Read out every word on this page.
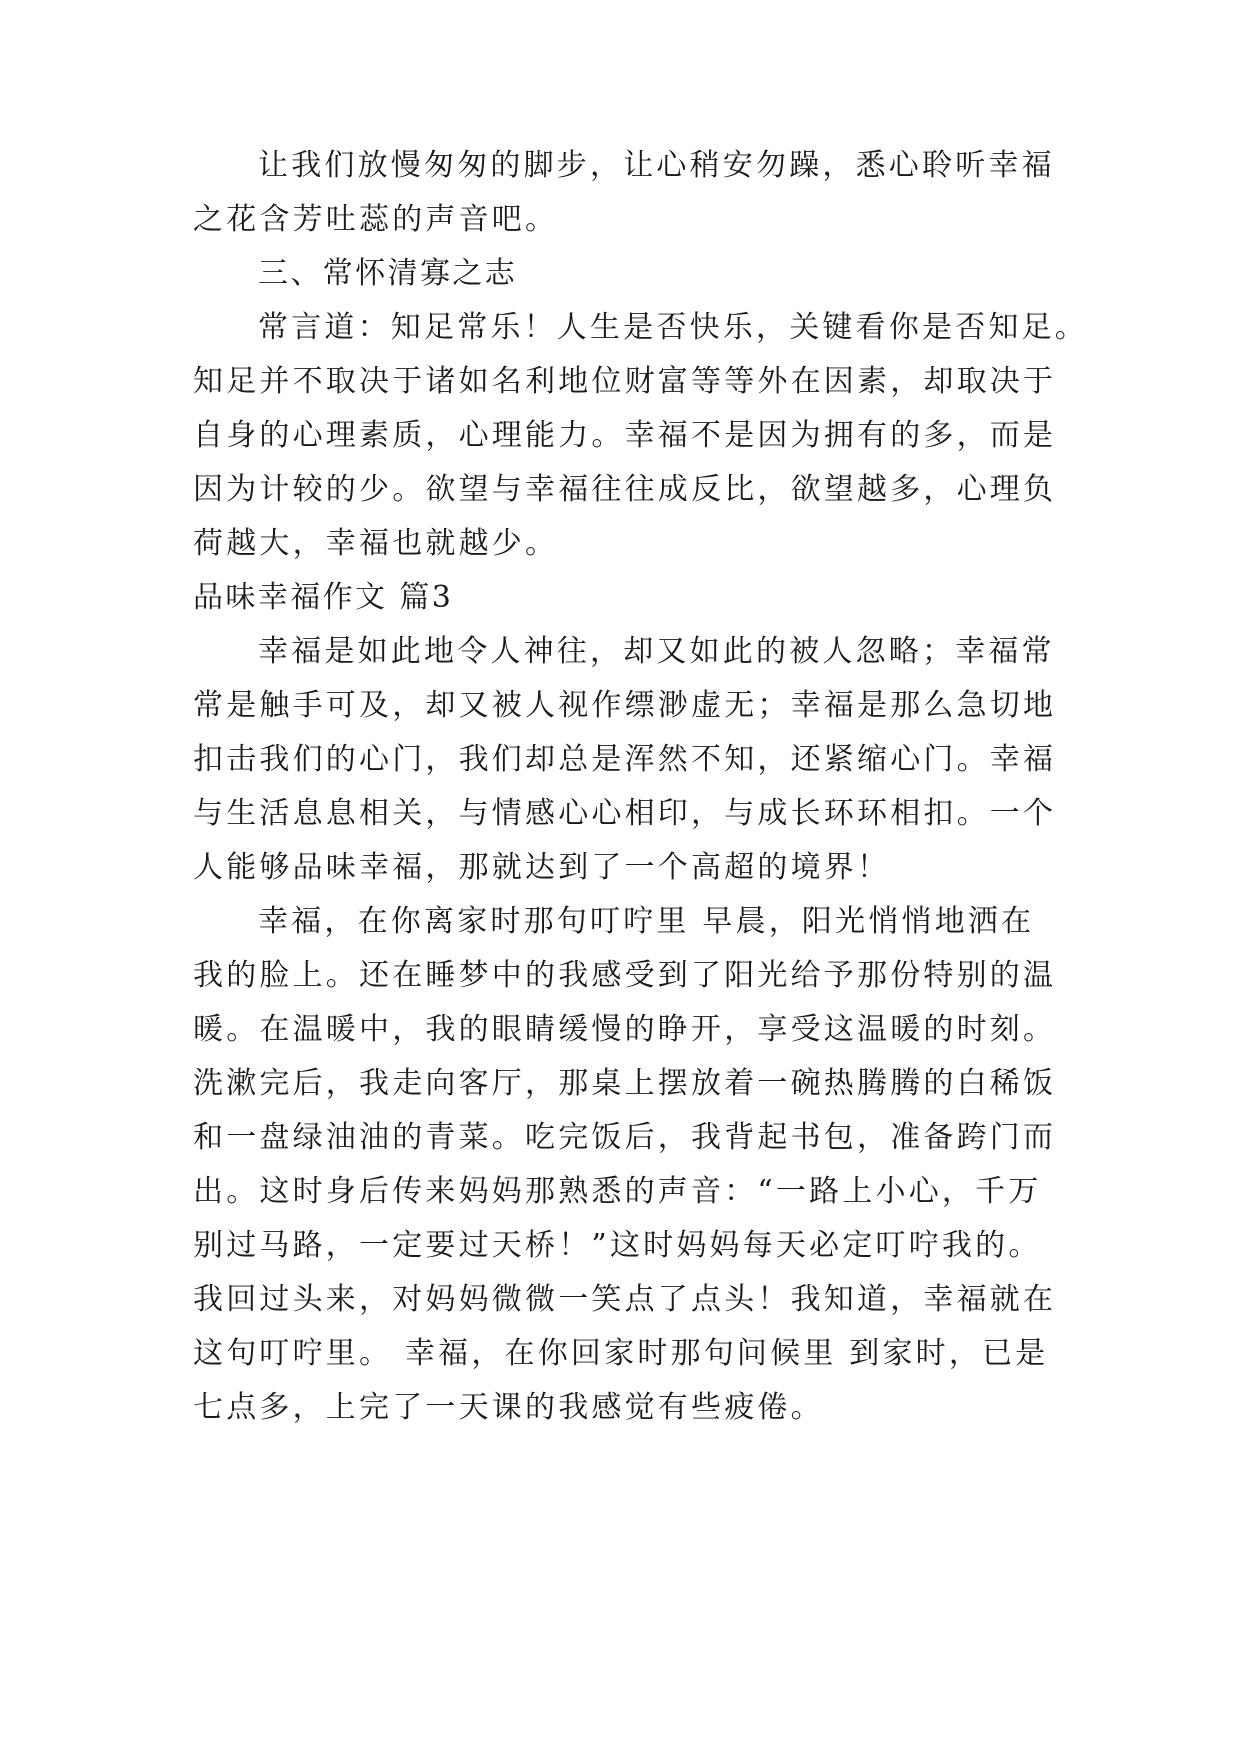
让我们放慢匆匆的脚步，让心稍安勿躁，悉心聆听幸福
之花含芳吐蕊的声音吧。
三、常怀清寡之志
常言道：知足常乐！人生是否快乐，关键看你是否知足。
知足并不取决于诸如名利地位财富等等外在因素，却取决于
自身的心理素质，心理能力。幸福不是因为拥有的多，而是
因为计较的少。欲望与幸福往往成反比，欲望越多，心理负
荷越大，幸福也就越少。
品味幸福作文 篇3
幸福是如此地令人神往，却又如此的被人忽略；幸福常
常是触手可及，却又被人视作缥渺虚无；幸福是那么急切地
扣击我们的心门，我们却总是浑然不知，还紧缩心门。幸福
与生活息息相关，与情感心心相印，与成长环环相扣。一个
人能够品味幸福，那就达到了一个高超的境界！
幸福，在你离家时那句叮咛里 早晨，阳光悄悄地洒在
我的脸上。还在睡梦中的我感受到了阳光给予那份特别的温
暖。在温暖中，我的眼睛缓慢的睁开，享受这温暖的时刻。
洗漱完后，我走向客厅，那桌上摆放着一碗热腾腾的白稀饭
和一盘绿油油的青菜。吃完饭后，我背起书包，准备跨门而
出。这时身后传来妈妈那熟悉的声音：“一路上小心，千万
别过马路，一定要过天桥！”这时妈妈每天必定叮咛我的。
我回过头来，对妈妈微微一笑点了点头！我知道，幸福就在
这句叮咛里。 幸福，在你回家时那句问候里 到家时，已是
七点多，上完了一天课的我感觉有些疲倦。
